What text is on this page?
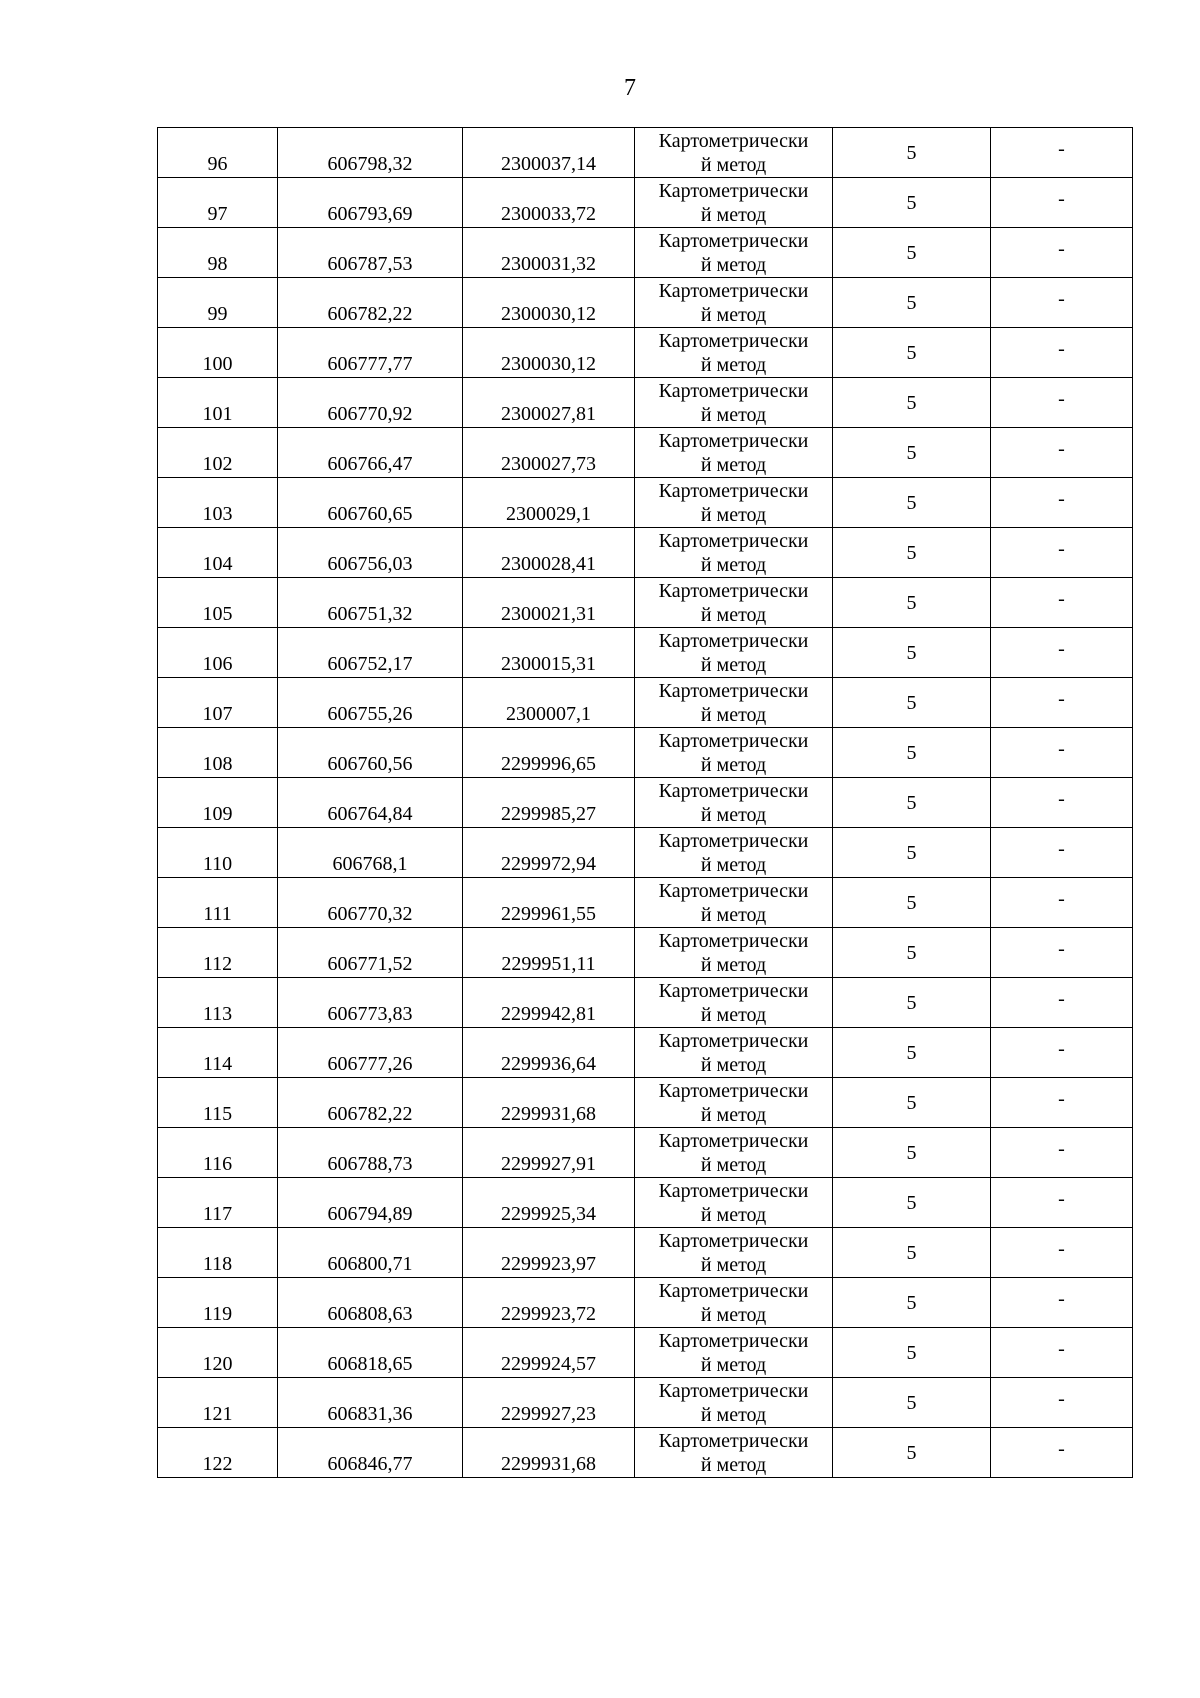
7
96	606798,32	2300037,14	Картометрически
й метод	5	-
97	606793,69	2300033,72	Картометрически
й метод	5	-
98	606787,53	2300031,32	Картометрически
й метод	5	-
99	606782,22	2300030,12	Картометрически
й метод	5	-
100	606777,77	2300030,12	Картометрически
й метод	5	-
101	606770,92	2300027,81	Картометрически
й метод	5	-
102	606766,47	2300027,73	Картометрически
й метод	5	-
103	606760,65	2300029,1	Картометрически
й метод	5	-
104	606756,03	2300028,41	Картометрически
й метод	5	-
105	606751,32	2300021,31	Картометрически
й метод	5	-
106	606752,17	2300015,31	Картометрически
й метод	5	-
107	606755,26	2300007,1	Картометрически
й метод	5	-
108	606760,56	2299996,65	Картометрически
й метод	5	-
109	606764,84	2299985,27	Картометрически
й метод	5	-
110	606768,1	2299972,94	Картометрически
й метод	5	-
111	606770,32	2299961,55	Картометрически
й метод	5	-
112	606771,52	2299951,11	Картометрически
й метод	5	-
113	606773,83	2299942,81	Картометрически
й метод	5	-
114	606777,26	2299936,64	Картометрически
й метод	5	-
115	606782,22	2299931,68	Картометрически
й метод	5	-
116	606788,73	2299927,91	Картометрически
й метод	5	-
117	606794,89	2299925,34	Картометрически
й метод	5	-
118	606800,71	2299923,97	Картометрически
й метод	5	-
119	606808,63	2299923,72	Картометрически
й метод	5	-
120	606818,65	2299924,57	Картометрически
й метод	5	-
121	606831,36	2299927,23	Картометрически
й метод	5	-
122	606846,77	2299931,68	Картометрически
й метод	5	-
